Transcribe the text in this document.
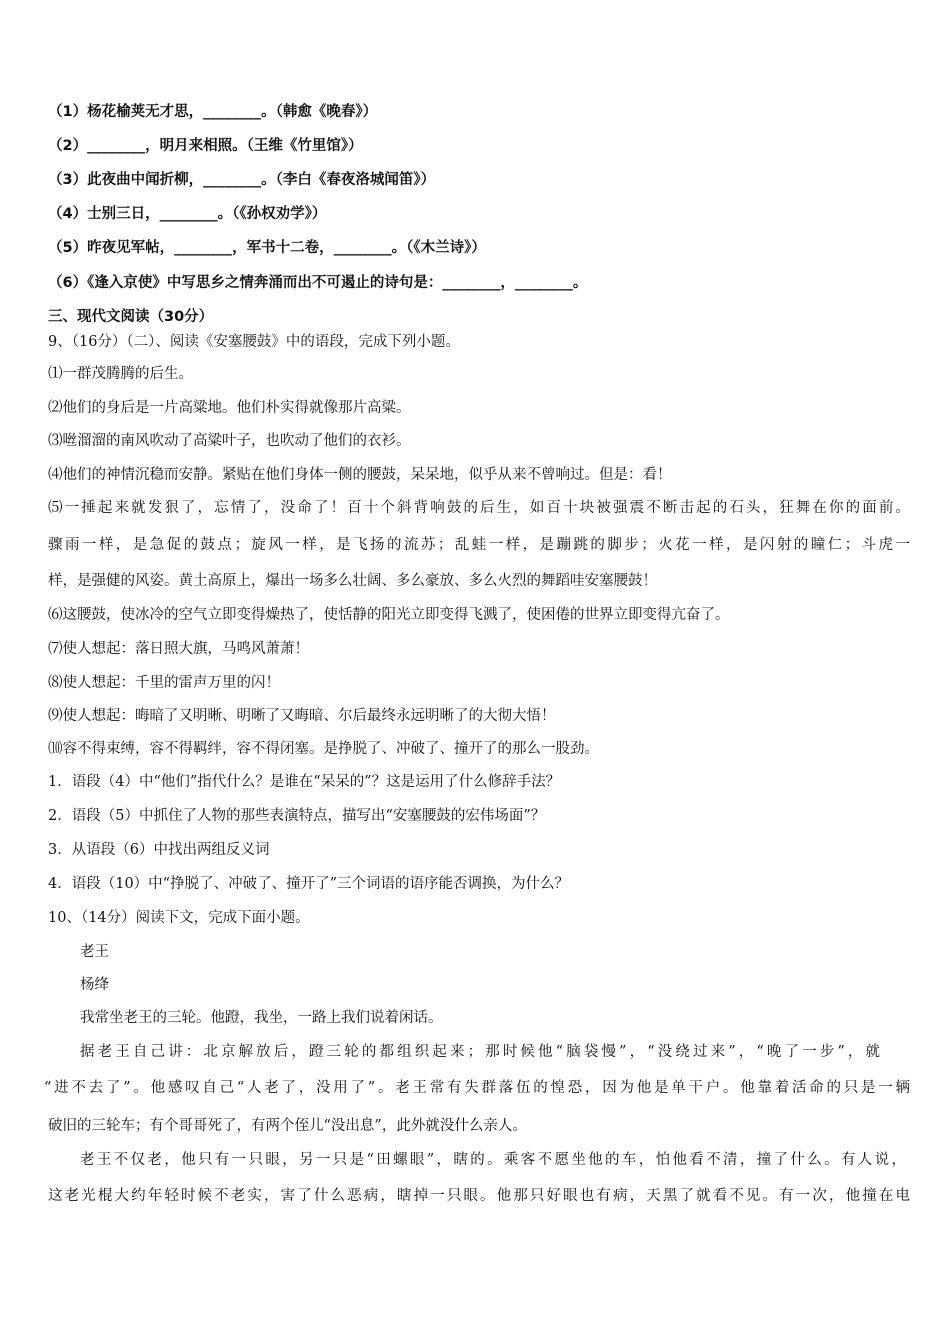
（1）杨花榆荚无才思，________。（韩愈《晚春》）
（2）________，明月来相照。（王维《竹里馆》）
（3）此夜曲中闻折柳，________。（李白《春夜洛城闻笛》）
（4）士别三日，________。（《孙权劝学》）
（5）昨夜见军帖，________，军书十二卷，________。（《木兰诗》）
（6）《逢入京使》中写思乡之情奔涌而出不可遏止的诗句是：________，________。
三、现代文阅读（30分）
9、（16分）（二）、阅读《安塞腰鼓》中的语段，完成下列小题。
⑴一群茂腾腾的后生。
⑵他们的身后是一片高粱地。他们朴实得就像那片高粱。
⑶咝溜溜的南风吹动了高粱叶子，也吹动了他们的衣衫。
⑷他们的神情沉稳而安静。紧贴在他们身体一侧的腰鼓，呆呆地，似乎从来不曾响过。但是：看！
⑸一捶起来就发狠了，忘情了，没命了！百十个斜背响鼓的后生，如百十块被强震不断击起的石头，狂舞在你的面前。
骤雨一样，是急促的鼓点；旋风一样，是飞扬的流苏；乱蛙一样，是蹦跳的脚步；火花一样，是闪射的瞳仁；斗虎一
样，是强健的风姿。黄土高原上，爆出一场多么壮阔、多么豪放、多么火烈的舞蹈哇安塞腰鼓！
⑹这腰鼓，使冰冷的空气立即变得燥热了，使恬静的阳光立即变得飞溅了，使困倦的世界立即变得亢奋了。
⑺使人想起：落日照大旗，马鸣风萧萧！
⑻使人想起：千里的雷声万里的闪！
⑼使人想起：晦暗了又明晰、明晰了又晦暗、尔后最终永远明晰了的大彻大悟！
⑽容不得束缚，容不得羁绊，容不得闭塞。是挣脱了、冲破了、撞开了的那么一股劲。
1．语段（4）中“他们”指代什么？是谁在“呆呆的”？这是运用了什么修辞手法？
2．语段（5）中抓住了人物的那些表演特点，描写出“安塞腰鼓的宏伟场面”？
3．从语段（6）中找出两组反义词
4．语段（10）中“挣脱了、冲破了、撞开了”三个词语的语序能否调换，为什么？
10、（14分）阅读下文，完成下面小题。
老王
杨绛
我常坐老王的三轮。他蹬，我坐，一路上我们说着闲话。
据老王自己讲：北京解放后，蹬三轮的都组织起来；那时候他“脑袋慢”，“没绕过来”，“晚了一步”，就
“进不去了”。他感叹自己“人老了，没用了”。老王常有失群落伍的惶恐，因为他是单干户。他靠着活命的只是一辆
破旧的三轮车；有个哥哥死了，有两个侄儿“没出息”，此外就没什么亲人。
老王不仅老，他只有一只眼，另一只是“田螺眼”，瞎的。乘客不愿坐他的车，怕他看不清，撞了什么。有人说，
这老光棍大约年轻时候不老实，害了什么恶病，瞎掉一只眼。他那只好眼也有病，天黑了就看不见。有一次，他撞在电
